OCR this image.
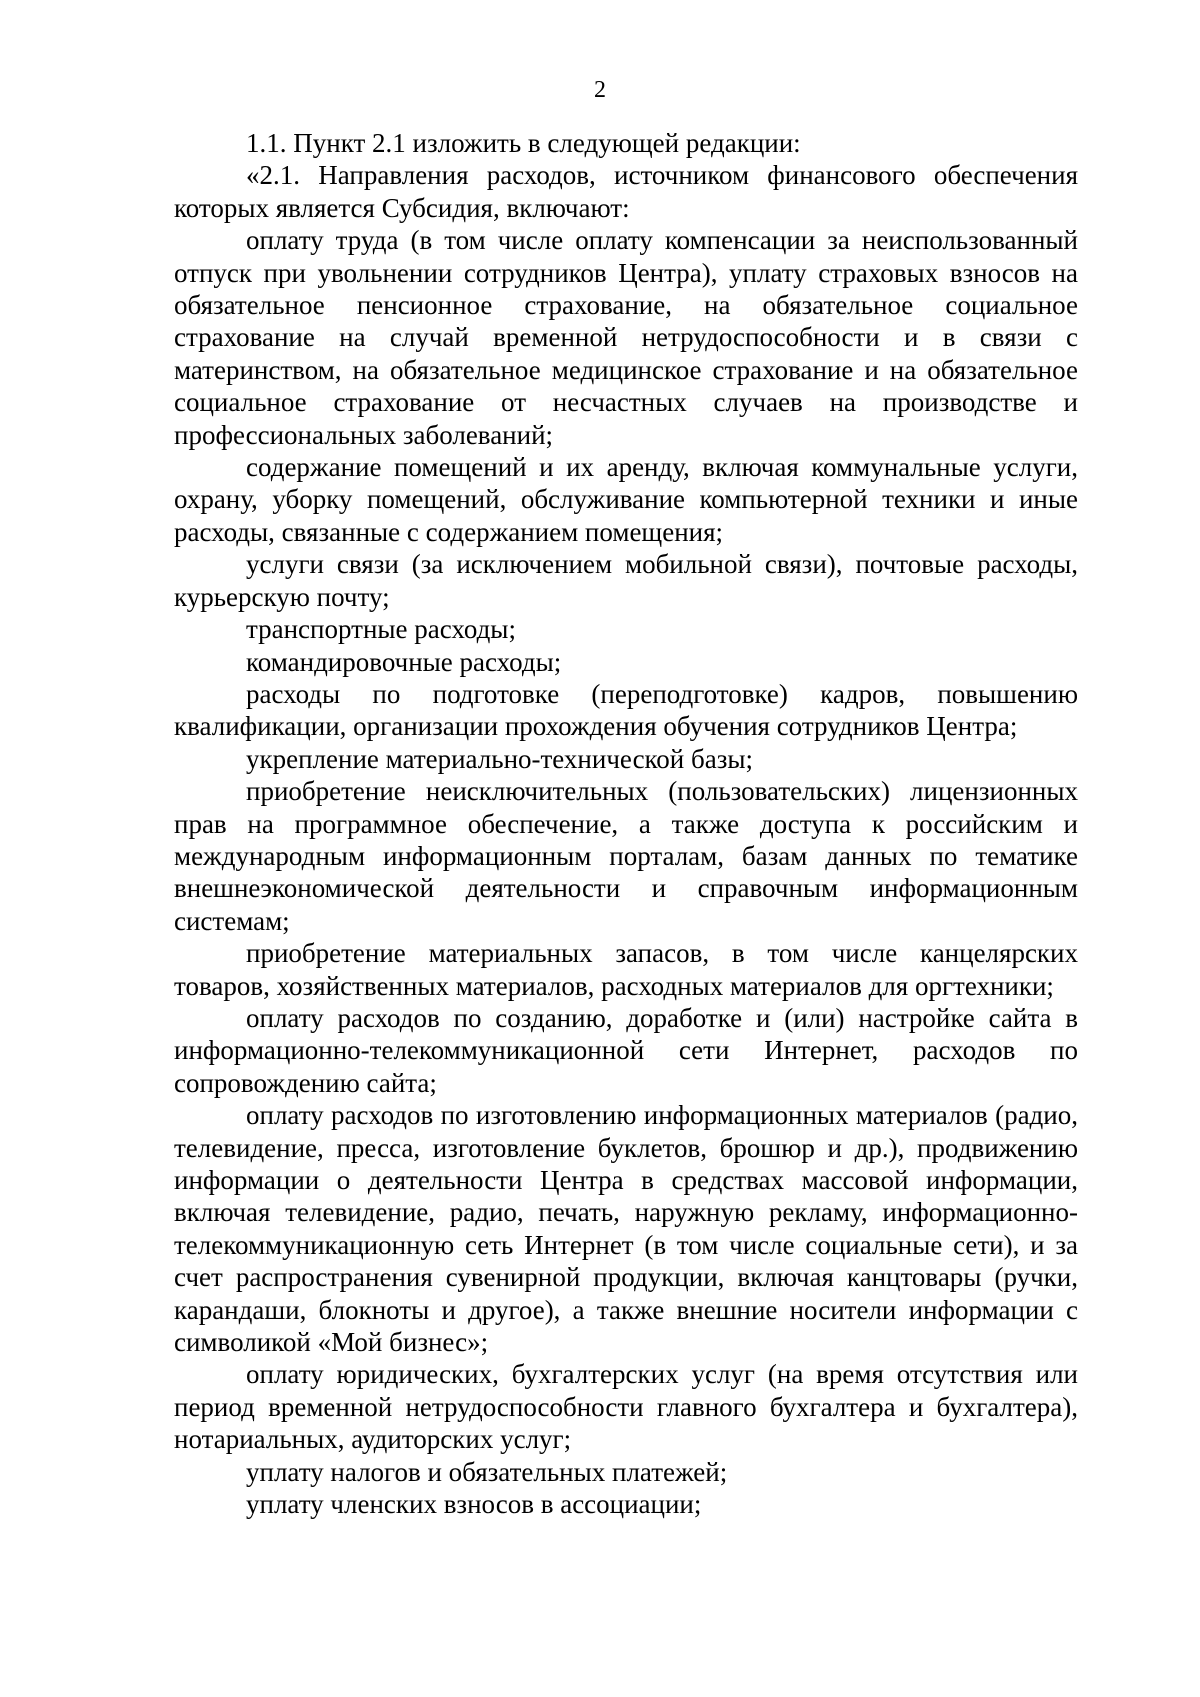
2

1.1. Пункт 2.1 изложить в следующей редакции:

«2.1. Направления расходов, источником финансового обеспечения которых является Субсидия, включают:

оплату труда (в том числе оплату компенсации за неиспользованный отпуск при увольнении сотрудников Центра), уплату страховых взносов на обязательное пенсионное страхование, на обязательное социальное страхование на случай временной нетрудоспособности и в связи с материнством, на обязательное медицинское страхование и на обязательное социальное страхование от несчастных случаев на производстве и профессиональных заболеваний;

содержание помещений и их аренду, включая коммунальные услуги, охрану, уборку помещений, обслуживание компьютерной техники и иные расходы, связанные с содержанием помещения;

услуги связи (за исключением мобильной связи), почтовые расходы, курьерскую почту;

транспортные расходы;

командировочные расходы;

расходы по подготовке (переподготовке) кадров, повышению квалификации, организации прохождения обучения сотрудников Центра;

укрепление материально-технической базы;

приобретение неисключительных (пользовательских) лицензионных прав на программное обеспечение, а также доступа к российским и международным информационным порталам, базам данных по тематике внешнеэкономической деятельности и справочным информационным системам;

приобретение материальных запасов, в том числе канцелярских товаров, хозяйственных материалов, расходных материалов для оргтехники;

оплату расходов по созданию, доработке и (или) настройке сайта в информационно-телекоммуникационной сети Интернет, расходов по сопровождению сайта;

оплату расходов по изготовлению информационных материалов (радио, телевидение, пресса, изготовление буклетов, брошюр и др.), продвижению информации о деятельности Центра в средствах массовой информации, включая телевидение, радио, печать, наружную рекламу, информационно-телекоммуникационную сеть Интернет (в том числе социальные сети), и за счет распространения сувенирной продукции, включая канцтовары (ручки, карандаши, блокноты и другое), а также внешние носители информации с символикой «Мой бизнес»;

оплату юридических, бухгалтерских услуг (на время отсутствия или период временной нетрудоспособности главного бухгалтера и бухгалтера), нотариальных, аудиторских услуг;

уплату налогов и обязательных платежей;

уплату членских взносов в ассоциации;
